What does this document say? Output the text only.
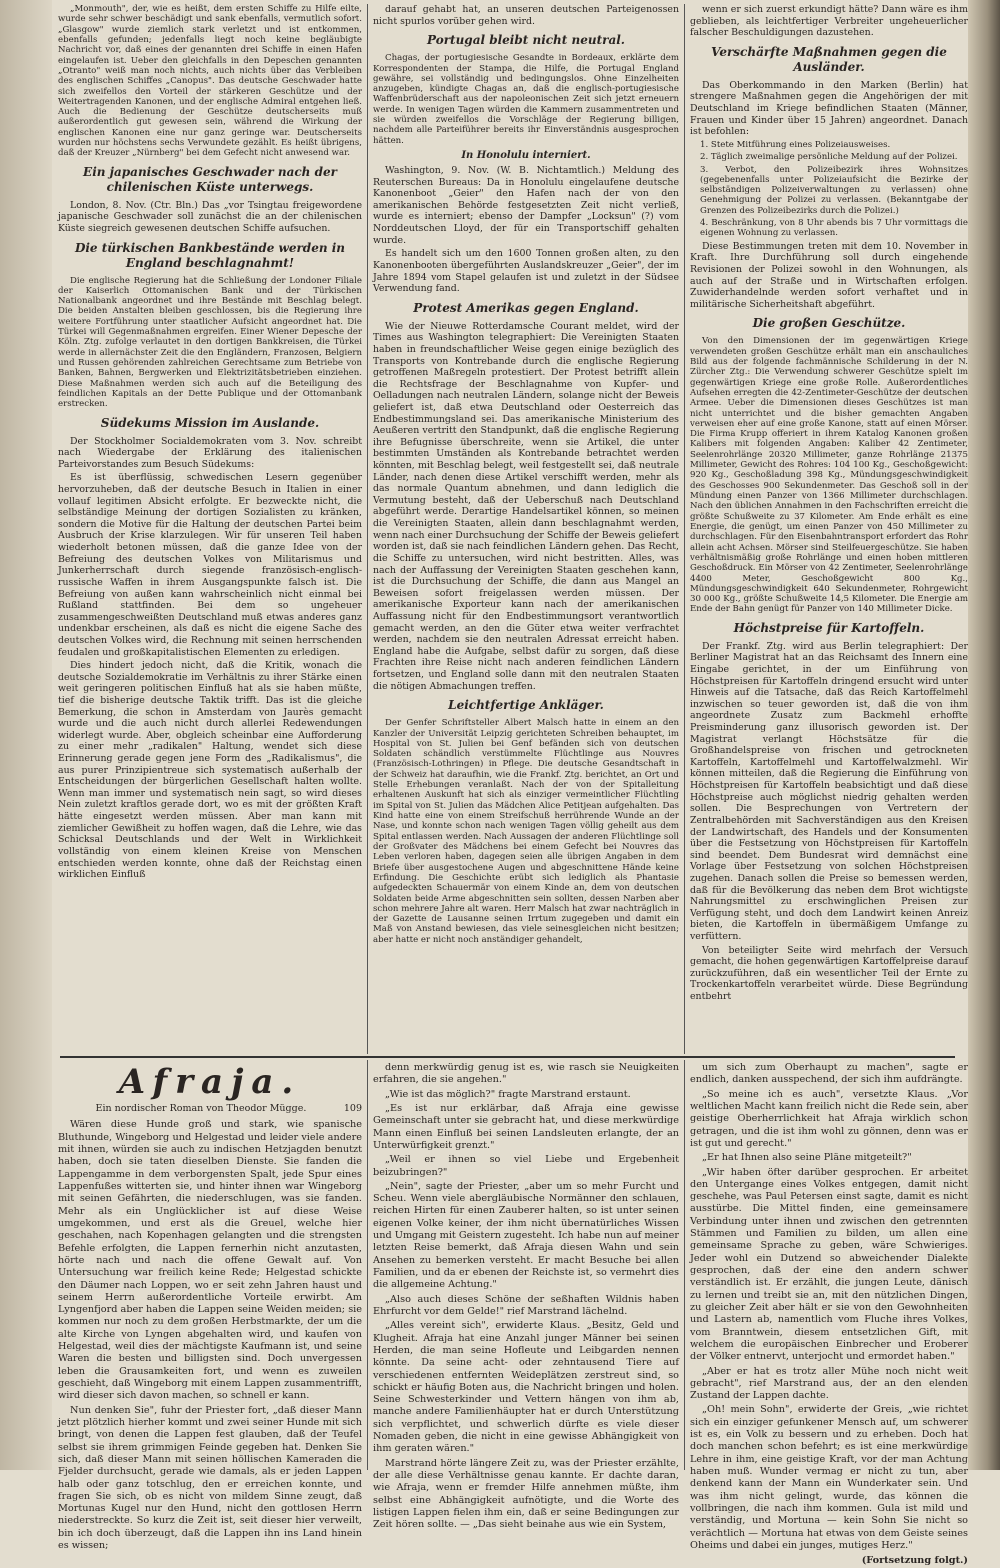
„Monmouth", der, wie es heißt, dem ersten Schiffe zu Hilfe eilte, wurde sehr schwer beschädigt und sank ebenfalls, vermutlich sofort. „Glasgow" wurde ziemlich stark verletzt und ist entkommen, ebenfalls gefunden; jedenfalls liegt noch keine begläubigte Nachricht vor, daß eines der genannten drei Schiffe in einen Hafen eingelaufen ist. Ueber den gleichfalls in den Depeschen genannten „Otranto" weiß man noch nichts, auch nichts über das Verbleiben des englischen Schiffes „Canopus". Das deutsche Geschwader hatte sich zweifellos den Vorteil der stärkeren Geschütze und der Weitertragenden Kanonen, und der englische Admiral entgehen ließ. Auch die Bedienung der Geschütze deutscherseits muß außerordentlich gut gewesen sein, während die Wirkung der englischen Kanonen eine nur ganz geringe war. Deutscherseits wurden nur höchstens sechs Verwundete gezählt. Es heißt übrigens, daß der Kreuzer „Nürnberg" bei dem Gefecht nicht anwesend war.

Ein japanisches Geschwader nach der chilenischen Küste unterwegs.

London, 8. Nov. (Ctr. Bln.) Das „vor Tsingtau freigewordene japanische Geschwader soll zunächst die an der chilenischen Küste siegreich gewesenen deutschen Schiffe aufsuchen.

Die türkischen Bankbestände werden in England beschlagnahmt!

Die englische Regierung hat die Schließung der Londoner Filiale der Kaiserlich Ottomanischen Bank und der Türkischen Nationalbank angeordnet und ihre Bestände mit Beschlag belegt. Die beiden Anstalten bleiben geschlossen, bis die Regierung ihre weitere Fortführung unter staatlicher Aufsicht angeordnet hat. Die Türkei will Gegenmaßnahmen ergreifen. Einer Wiener Depesche der Köln. Ztg. zufolge verlautet in den dortigen Bankkreisen, die Türkei werde in allernächster Zeit die den Engländern, Franzosen, Belgiern und Russen gehörenden zahlreichen Gerechtsame zum Betriebe von Banken, Bahnen, Bergwerken und Elektrizitätsbetrieben einziehen. Diese Maßnahmen werden sich auch auf die Beteiligung des feindlichen Kapitals an der Dette Publique und der Ottomanbank erstrecken.

Südekums Mission im Auslande.

Der Stockholmer Socialdemokraten vom 3. Nov. schreibt nach Wiedergabe der Erklärung des italienischen Parteivorstandes zum Besuch Südekums:

Es ist überflüssig, schwedischen Lesern gegenüber hervorzuheben, daß der deutsche Besuch in Italien in einer vollauf legitimen Absicht erfolgte. Er bezweckte nicht, die selbständige Meinung der dortigen Sozialisten zu kränken, sondern die Motive für die Haltung der deutschen Partei beim Ausbruch der Krise klarzulegen. Wir für unseren Teil haben wiederholt betonen müssen, daß die ganze Idee von der Befreiung des deutschen Volkes von Militarismus und Junkerherrschaft durch siegende französisch-englisch-russische Waffen in ihrem Ausgangspunkte falsch ist. Die Befreiung von außen kann wahrscheinlich nicht einmal bei Rußland stattfinden. Bei dem so ungeheuer zusammengeschweißten Deutschland muß etwas anderes ganz undenkbar erscheinen, als daß es nicht die eigene Sache des deutschen Volkes wird, die Rechnung mit seinen herrschenden feudalen und großkapitalistischen Elementen zu erledigen.

Dies hindert jedoch nicht, daß die Kritik, wonach die deutsche Sozialdemokratie im Verhältnis zu ihrer Stärke einen weit geringeren politischen Einfluß hat als sie haben müßte, tief die bisherige deutsche Taktik trifft. Das ist die gleiche Bemerkung, die schon in Amsterdam von Jaurès gemacht wurde und die auch nicht durch allerlei Redewendungen widerlegt wurde. Aber, obgleich scheinbar eine Aufforderung zu einer mehr „radikalen" Haltung, wendet sich diese Erinnerung gerade gegen jene Form des „Radikalismus", die aus purer Prinzipientreue sich systematisch außerhalb der Entscheidungen der bürgerlichen Gesellschaft halten wollte. Wenn man immer und systematisch nein sagt, so wird dieses Nein zuletzt kraftlos gerade dort, wo es mit der größten Kraft hätte eingesetzt werden müssen. Aber man kann mit ziemlicher Gewißheit zu hoffen wagen, daß die Lehre, wie das Schicksal Deutschlands und der Welt in Wirklichkeit vollständig von einem kleinen Kreise von Menschen entschieden werden konnte, ohne daß der Reichstag einen wirklichen Einfluß

darauf gehabt hat, an unseren deutschen Parteigenossen nicht spurlos vorüber gehen wird.

Portugal bleibt nicht neutral.

Chagas, der portugiesische Gesandte in Bordeaux, erklärte dem Korrespondenten der Stampa, die Hilfe, die Portugal England gewähre, sei vollständig und bedingungslos. Ohne Einzelheiten anzugeben, kündigte Chagas an, daß die englisch-portugiesische Waffenbrüderschaft aus der napoleonischen Zeit sich jetzt erneuern werde. In wenigen Tagen würden die Kammern zusammentreten und sie würden zweifellos die Vorschläge der Regierung billigen, nachdem alle Parteiführer bereits ihr Einverständnis ausgesprochen hätten.

In Honolulu interniert.

Washington, 9. Nov. (W. B. Nichtamtlich.) Meldung des Reuterschen Bureaus: Da in Honolulu eingelaufene deutsche Kanonenboot „Geier" den Hafen nach der von den amerikanischen Behörde festgesetzten Zeit nicht verließ, wurde es interniert; ebenso der Dampfer „Locksun" (?) vom Norddeutschen Lloyd, der für ein Transportschiff gehalten wurde.

Es handelt sich um den 1600 Tonnen großen alten, zu den Kanonenbooten übergeführten Auslandskreuzer „Geier", der im Jahre 1894 vom Stapel gelaufen ist und zuletzt in der Südsee Verwendung fand.

Protest Amerikas gegen England.

Wie der Nieuwe Rotterdamsche Courant meldet, wird der Times aus Washington telegraphiert: Die Vereinigten Staaten haben in freundschaftlicher Weise gegen einige bezüglich des Transports von Kontrebande durch die englische Regierung getroffenen Maßregeln protestiert. Der Protest betrifft allein die Rechtsfrage der Beschlagnahme von Kupfer- und Oelladungen nach neutralen Ländern, solange nicht der Beweis geliefert ist, daß etwa Deutschland oder Oesterreich das Endbestimmungsland sei. Das amerikanische Ministerium des Aeußeren vertritt den Standpunkt, daß die englische Regierung ihre Befugnisse überschreite, wenn sie Artikel, die unter bestimmten Umständen als Kontrebande betrachtet werden könnten, mit Beschlag belegt, weil festgestellt sei, daß neutrale Länder, nach denen diese Artikel verschifft werden, mehr als das normale Quantum abnehmen, und dann lediglich die Vermutung besteht, daß der Ueberschuß nach Deutschland abgeführt werde. Derartige Handelsartikel können, so meinen die Vereinigten Staaten, allein dann beschlagnahmt werden, wenn nach einer Durchsuchung der Schiffe der Beweis geliefert worden ist, daß sie nach feindlichen Ländern gehen. Das Recht, die Schiffe zu untersuchen, wird nicht bestritten. Alles, was nach der Auffassung der Vereinigten Staaten geschehen kann, ist die Durchsuchung der Schiffe, die dann aus Mangel an Beweisen sofort freigelassen werden müssen. Der amerikanische Exporteur kann nach der amerikanischen Auffassung nicht für den Endbestimmungsort verantwortlich gemacht werden, an den die Güter etwa weiter verfrachtet werden, nachdem sie den neutralen Adressat erreicht haben. England habe die Aufgabe, selbst dafür zu sorgen, daß diese Frachten ihre Reise nicht nach anderen feindlichen Ländern fortsetzen, und England solle dann mit den neutralen Staaten die nötigen Abmachungen treffen.

Leichtfertige Ankläger.

Der Genfer Schriftsteller Albert Malsch hatte in einem an den Kanzler der Universität Leipzig gerichteten Schreiben behauptet, im Hospital von St. Julien bei Genf befänden sich von deutschen Soldaten schändlich verstümmelte Flüchtlinge aus Nouvres (Französisch-Lothringen) in Pflege. Die deutsche Gesandtschaft in der Schweiz hat daraufhin, wie die Frankf. Ztg. berichtet, an Ort und Stelle Erhebungen veranlaßt. Nach der von der Spitalleitung erhaltenen Auskunft hat sich als einziger vermeintlicher Flüchtling im Spital von St. Julien das Mädchen Alice Petitjean aufgehalten. Das Kind hatte eine von einem Streifschuß herrührende Wunde an der Nase, und konnte schon nach wenigen Tagen völlig geheilt aus dem Spital entlassen werden. Nach Aussagen der anderen Flüchtlinge soll der Großvater des Mädchens bei einem Gefecht bei Nouvres das Leben verloren haben, dagegen seien alle übrigen Angaben in dem Briefe über ausgestochene Augen und abgeschnittene Hände keine Erfindung. Die Geschichte erübt sich lediglich als Phantasie aufgedeckten Schauermär von einem Kinde an, dem von deutschen Soldaten beide Arme abgeschnitten sein sollten, dessen Narben aber schon mehrere Jahre alt waren. Herr Malsch hat zwar nachträglich in der Gazette de Lausanne seinen Irrtum zugegeben und damit ein Maß von Anstand bewiesen, das viele seinesgleichen nicht besitzen; aber hatte er nicht noch anständiger gehandelt,

wenn er sich zuerst erkundigt hätte? Dann wäre es ihm geblieben, als leichtfertiger Verbreiter ungeheuerlicher falscher Beschuldigungen dazustehen.

Verschärfte Maßnahmen gegen die Ausländer.

Das Oberkommando in den Marken (Berlin) hat strengere Maßnahmen gegen die Angehörigen der mit Deutschland im Kriege befindlichen Staaten (Männer, Frauen und Kinder über 15 Jahren) angeordnet. Danach ist befohlen:

1. Stete Mitführung eines Polizeiausweises.

2. Täglich zweimalige persönliche Meldung auf der Polizei.

3. Verbot, den Polizeibezirk ihres Wohnsitzes (gegebenenfalls unter Polizeiaufsicht die Bezirke der selbständigen Polizeiverwaltungen zu verlassen) ohne Genehmigung der Polizei zu verlassen. (Bekanntgabe der Grenzen des Polizeibezirks durch die Polizei.)

4. Beschränkung, von 8 Uhr abends bis 7 Uhr vormittags die eigenen Wohnung zu verlassen.

Diese Bestimmungen treten mit dem 10. November in Kraft. Ihre Durchführung soll durch eingehende Revisionen der Polizei sowohl in den Wohnungen, als auch auf der Straße und in Wirtschaften erfolgen. Zuwiderhandelnde werden sofort verhaftet und in militärische Sicherheitshaft abgeführt.

Die großen Geschütze.

Von den Dimensionen der im gegenwärtigen Kriege verwendeten großen Geschütze erhält man ein anschauliches Bild aus der folgende fachmännische Schilderung in der N. Zürcher Ztg.: Die Verwendung schwerer Geschütze spielt im gegenwärtigen Kriege eine große Rolle. Außerordentliches Aufsehen erregten die 42-Zentimeter-Geschütze der deutschen Armee. Ueber die Dimensionen dieses Geschützes ist man nicht unterrichtet und die bisher gemachten Angaben verweisen eher auf eine große Kanone, statt auf einen Mörser. Die Firma Krupp offeriert in ihrem Katalog Kanonen großen Kalibers mit folgenden Angaben: Kaliber 42 Zentimeter, Seelenrohrlänge 20320 Millimeter, ganze Rohrlänge 21375 Millimeter, Gewicht des Rohres: 104 100 Kg., Geschoßgewicht: 920 Kg., Geschoßladung 398 Kg., Mündungsgeschwindigkeit des Geschosses 900 Sekundenmeter. Das Geschoß soll in der Mündung einen Panzer von 1366 Millimeter durchschlagen. Nach den üblichen Annahmen in den Fachschriften erreicht die größte Schußweite zu 37 Kilometer. Am Ende erhält es eine Energie, die genügt, um einen Panzer von 450 Millimeter zu durchschlagen. Für den Eisenbahntransport erfordert das Rohr allein acht Achsen. Mörser sind Steilfeuergeschütze. Sie haben verhältnismäßig große Rohrlänge und einen hoben mittleren Geschoßdruck. Ein Mörser von 42 Zentimeter, Seelenrohrlänge 4400 Meter, Geschoßgewicht 800 Kg., Mündungsgeschwindigkeit 640 Sekundenmeter, Rohrgewicht 30 000 Kg., größte Schußweite 14,5 Kilometer. Die Energie am Ende der Bahn genügt für Panzer von 140 Millimeter Dicke.

Höchstpreise für Kartoffeln.

Der Frankf. Ztg. wird aus Berlin telegraphiert: Der Berliner Magistrat hat an das Reichsamt des Innern eine Eingabe gerichtet, in der um Einführung von Höchstpreisen für Kartoffeln dringend ersucht wird unter Hinweis auf die Tatsache, daß das Reich Kartoffelmehl inzwischen so teuer geworden ist, daß die von ihm angeordnete Zusatz zum Backmehl erhoffte Preisminderung ganz illusorisch geworden ist. Der Magistrat verlangt Höchstsätze für die Großhandelspreise von frischen und getrockneten Kartoffeln, Kartoffelmehl und Kartoffelwalzmehl. Wir können mitteilen, daß die Regierung die Einführung von Höchstpreisen für Kartoffeln beabsichtigt und daß diese Höchstpreise auch möglichst niedrig gehalten werden sollen. Die Besprechungen von Vertretern der Zentralbehörden mit Sachverständigen aus den Kreisen der Landwirtschaft, des Handels und der Konsumenten über die Festsetzung von Höchstpreisen für Kartoffeln sind beendet. Dem Bundesrat wird demnächst eine Vorlage über Festsetzung von solchen Höchstpreisen zugehen. Danach sollen die Preise so bemessen werden, daß für die Bevölkerung das neben dem Brot wichtigste Nahrungsmittel zu erschwinglichen Preisen zur Verfügung steht, und doch dem Landwirt keinen Anreiz bieten, die Kartoffeln in übermäßigem Umfange zu verfüttern.

Von beteiligter Seite wird mehrfach der Versuch gemacht, die hohen gegenwärtigen Kartoffelpreise darauf zurückzuführen, daß ein wesentlicher Teil der Ernte zu Trockenkartoffeln verarbeitet würde. Diese Begründung entbehrt

Afraja.
Ein nordischer Roman von Theodor Mügge.	109

Wären diese Hunde groß und stark, wie spanische Bluthunde, Wingeborg und Helgestad und leider viele andere mit ihnen, würden sie auch zu indischen Hetzjagden benutzt haben, doch sie taten dieselben Dienste. Sie fanden die Lappengamme in dem verborgensten Spalt, jede Spur eines Lappenfußes witterten sie, und hinter ihnen war Wingeborg mit seinen Gefährten, die niederschlugen, was sie fanden. Mehr als ein Unglücklicher ist auf diese Weise umgekommen, und erst als die Greuel, welche hier geschahen, nach Kopenhagen gelangten und die strengsten Befehle erfolgten, die Lappen fernerhin nicht anzutasten, hörte nach und nach die offene Gewalt auf. Von Untersuchung war freilich keine Rede; Helgestad schickte den Däumer nach Loppen, wo er seit zehn Jahren haust und seinem Herrn außerordentliche Vorteile erwirbt. Am Lyngenfjord aber haben die Lappen seine Weiden meiden; sie kommen nur noch zu dem großen Herbstmarkte, der um die alte Kirche von Lyngen abgehalten wird, und kaufen von Helgestad, weil dies der mächtigste Kaufmann ist, und seine Waren die besten und billigsten sind. Doch unvergessen leben die Grausamkeiten fort, und wenn es zuweilen geschieht, daß Wingeborg mit einem Lappen zusammentrifft, wird dieser sich davon machen, so schnell er kann.

Nun denken Sie", fuhr der Priester fort, „daß dieser Mann jetzt plötzlich hierher kommt und zwei seiner Hunde mit sich bringt, von denen die Lappen fest glauben, daß der Teufel selbst sie ihrem grimmigen Feinde gegeben hat. Denken Sie sich, daß dieser Mann mit seinen höllischen Kameraden die Fjelder durchsucht, gerade wie damals, als er jeden Lappen halb oder ganz totschlug, den er erreichen konnte, und fragen Sie sich, ob es nicht von mildem Sinne zeugt, daß Mortunas Kugel nur den Hund, nicht den gottlosen Herrn niederstreckte. So kurz die Zeit ist, seit dieser hier verweilt, bin ich doch überzeugt, daß die Lappen ihn ins Land hinein es wissen;

denn merkwürdig genug ist es, wie rasch sie Neuigkeiten erfahren, die sie angehen."

„Wie ist das möglich?" fragte Marstrand erstaunt.

„Es ist nur erklärbar, daß Afraja eine gewisse Gemeinschaft unter sie gebracht hat, und diese merkwürdige Mann einen Einfluß bei seinen Landsleuten erlangte, der an Unterwürfigkeit grenzt."

„Weil er ihnen so viel Liebe und Ergebenheit beizubringen?"

„Nein", sagte der Priester, „aber um so mehr Furcht und Scheu. Wenn viele abergläubische Normänner den schlauen, reichen Hirten für einen Zauberer halten, so ist unter seinen eigenen Volke keiner, der ihm nicht übernatürliches Wissen und Umgang mit Geistern zugesteht. Ich habe nun auf meiner letzten Reise bemerkt, daß Afraja diesen Wahn und sein Ansehen zu bemerken versteht. Er macht Besuche bei allen Familien, und da er ebenen der Reichste ist, so vermehrt dies die allgemeine Achtung."

„Also auch dieses Schöne der seßhaften Wildnis haben Ehrfurcht vor dem Gelde!" rief Marstrand lächelnd.

„Alles vereint sich", erwiderte Klaus. „Besitz, Geld und Klugheit. Afraja hat eine Anzahl junger Männer bei seinen Herden, die man seine Hofleute und Leibgarden nennen könnte. Da seine acht- oder zehntausend Tiere auf verschiedenen entfernten Weideplätzen zerstreut sind, so schickt er häufig Boten aus, die Nachricht bringen und holen. Seine Schwesterkinder und Vettern hängen von ihm ab, manche andere Familienhäupter hat er durch Unterstützung sich verpflichtet, und schwerlich dürfte es viele dieser Nomaden geben, die nicht in eine gewisse Abhängigkeit von ihm geraten wären."

Marstrand hörte längere Zeit zu, was der Priester erzählte, der alle diese Verhältnisse genau kannte. Er dachte daran, wie Afraja, wenn er fremder Hilfe annehmen müßte, ihm selbst eine Abhängigkeit aufnötigte, und die Worte des listigen Lappen fielen ihm ein, daß er seine Bedingungen zur Zeit hören sollte. — „Das sieht beinahe aus wie ein System,

um sich zum Oberhaupt zu machen", sagte er endlich, danken ausspechend, der sich ihm aufdrängte.

„So meine ich es auch", versetzte Klaus. „Vor weltlichen Macht kann freilich nicht die Rede sein, aber geistige Oberherrlichkeit hat Afraja wirklich schon getragen, und die ist ihm wohl zu gönnen, denn was er ist gut und gerecht."

„Er hat Ihnen also seine Pläne mitgeteilt?"

„Wir haben öfter darüber gesprochen. Er arbeitet den Untergange eines Volkes entgegen, damit nicht geschehe, was Paul Petersen einst sagte, damit es nicht ausstürbe. Die Mittel finden, eine gemeinsamere Verbindung unter ihnen und zwischen den getrennten Stämmen und Familien zu bilden, um allen eine gemeinsame Sprache zu geben, wäre Schwieriges. Jeder wohl ein Dutzend so abweichender Dialekte gesprochen, daß der eine den andern schwer verständlich ist. Er erzählt, die jungen Leute, dänisch zu lernen und treibt sie an, mit den nützlichen Dingen, zu gleicher Zeit aber hält er sie von den Gewohnheiten und Lastern ab, namentlich vom Fluche ihres Volkes, vom Branntwein, diesem entsetzlichen Gift, mit welchem die europäischen Einbrecher und Eroberer der Völker entnervt, unterjocht und ermordet haben."

„Aber er hat es trotz aller Mühe noch nicht weit gebracht", rief Marstrand aus, der an den elenden Zustand der Lappen dachte.

„Oh! mein Sohn", erwiderte der Greis, „wie richtet sich ein einziger gefunkener Mensch auf, um schwerer ist es, ein Volk zu bessern und zu erheben. Doch hat doch manchen schon befehrt; es ist eine merkwürdige Lehre in ihm, eine geistige Kraft, vor der man Achtung haben muß. Wunder vermag er nicht zu tun, aber denkend kann der Mann ein Wunderkater sein. Und was ihm nicht gelingt, wurde, das können die vollbringen, die nach ihm kommen. Gula ist mild und verständig, und Mortuna — kein Sohn Sie nicht so verächtlich — Mortuna hat etwas von dem Geiste seines Oheims und dabei ein junges, mutiges Herz."

(Fortsetzung folgt.)
